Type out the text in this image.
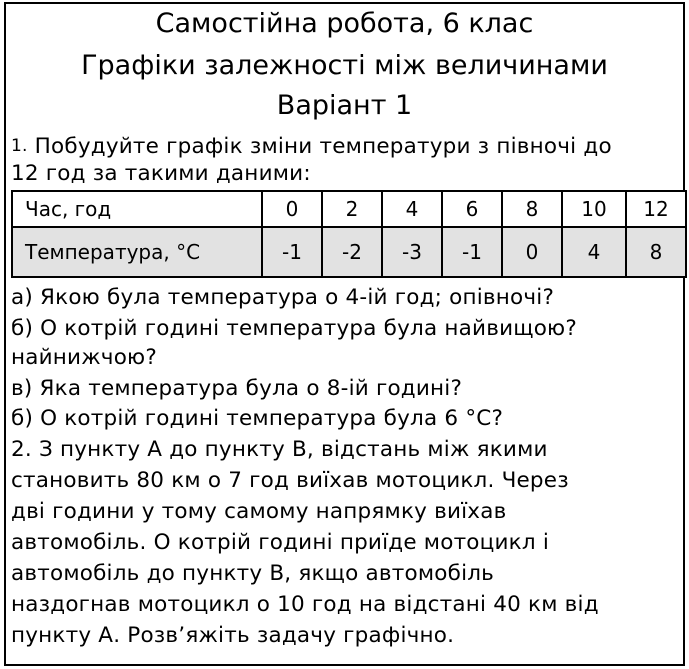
Самостійна робота, 6 клас
Графіки залежності між величинами
Варіант 1
1. Побудуйте графік зміни температури з півночі до
12 год за такими даними:
Час, год	0	2	4	6	8	10	12
Температура, °С	-1	-2	-3	-1	0	4	8
а) Якою була температура о 4-ій год; опівночі?
б) О котрій годині температура була найвищою?
найнижчою?
в) Яка температура була о 8-ій годині?
б) О котрій годині температура була 6 °С?
2. З пункту А до пункту В, відстань між якими
становить 80 км о 7 год виїхав мотоцикл. Через
дві години у тому самому напрямку виїхав
автомобіль. О котрій годині приїде мотоцикл і
автомобіль до пункту В, якщо автомобіль
наздогнав мотоцикл о 10 год на відстані 40 км від
пункту А. Розв’яжіть задачу графічно.
